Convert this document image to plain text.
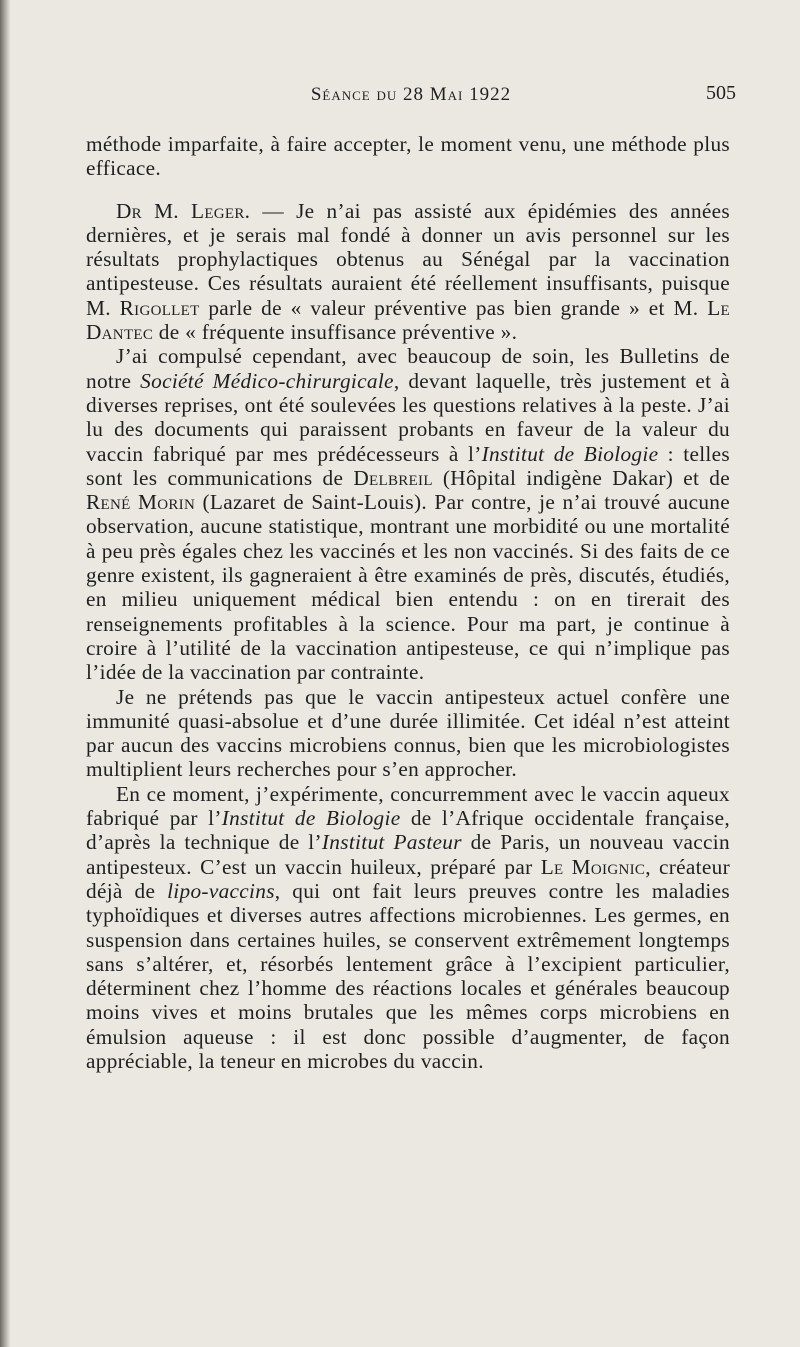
Séance du 28 Mai 1922	505

méthode imparfaite, à faire accepter, le moment venu, une méthode plus efficace.

Dr M. Leger. — Je n’ai pas assisté aux épidémies des années dernières, et je serais mal fondé à donner un avis personnel sur les résultats prophylactiques obtenus au Sénégal par la vaccination antipesteuse. Ces résultats auraient été réellement insuffisants, puisque M. Rigollet parle de « valeur préventive pas bien grande » et M. Le Dantec de « fréquente insuffisance préventive ».

J’ai compulsé cependant, avec beaucoup de soin, les Bulletins de notre Société Médico-chirurgicale, devant laquelle, très justement et à diverses reprises, ont été soulevées les questions relatives à la peste. J’ai lu des documents qui paraissent probants en faveur de la valeur du vaccin fabriqué par mes prédécesseurs à l’Institut de Biologie : telles sont les communications de Delbreil (Hôpital indigène Dakar) et de René Morin (Lazaret de Saint-Louis). Par contre, je n’ai trouvé aucune observation, aucune statistique, montrant une morbidité ou une mortalité à peu près égales chez les vaccinés et les non vaccinés. Si des faits de ce genre existent, ils gagneraient à être examinés de près, discutés, étudiés, en milieu uniquement médical bien entendu : on en tirerait des renseignements profitables à la science. Pour ma part, je continue à croire à l’utilité de la vaccination antipesteuse, ce qui n’implique pas l’idée de la vaccination par contrainte.

Je ne prétends pas que le vaccin antipesteux actuel confère une immunité quasi-absolue et d’une durée illimitée. Cet idéal n’est atteint par aucun des vaccins microbiens connus, bien que les microbiologistes multiplient leurs recherches pour s’en approcher.

En ce moment, j’expérimente, concurremment avec le vaccin aqueux fabriqué par l’Institut de Biologie de l’Afrique occidentale française, d’après la technique de l’Institut Pasteur de Paris, un nouveau vaccin antipesteux. C’est un vaccin huileux, préparé par Le Moignic, créateur déjà de lipo-vaccins, qui ont fait leurs preuves contre les maladies typhoïdiques et diverses autres affections microbiennes. Les germes, en suspension dans certaines huiles, se conservent extrêmement longtemps sans s’altérer, et, résorbés lentement grâce à l’excipient particulier, déterminent chez l’homme des réactions locales et générales beaucoup moins vives et moins brutales que les mêmes corps microbiens en émulsion aqueuse : il est donc possible d’augmenter, de façon appréciable, la teneur en microbes du vaccin.
